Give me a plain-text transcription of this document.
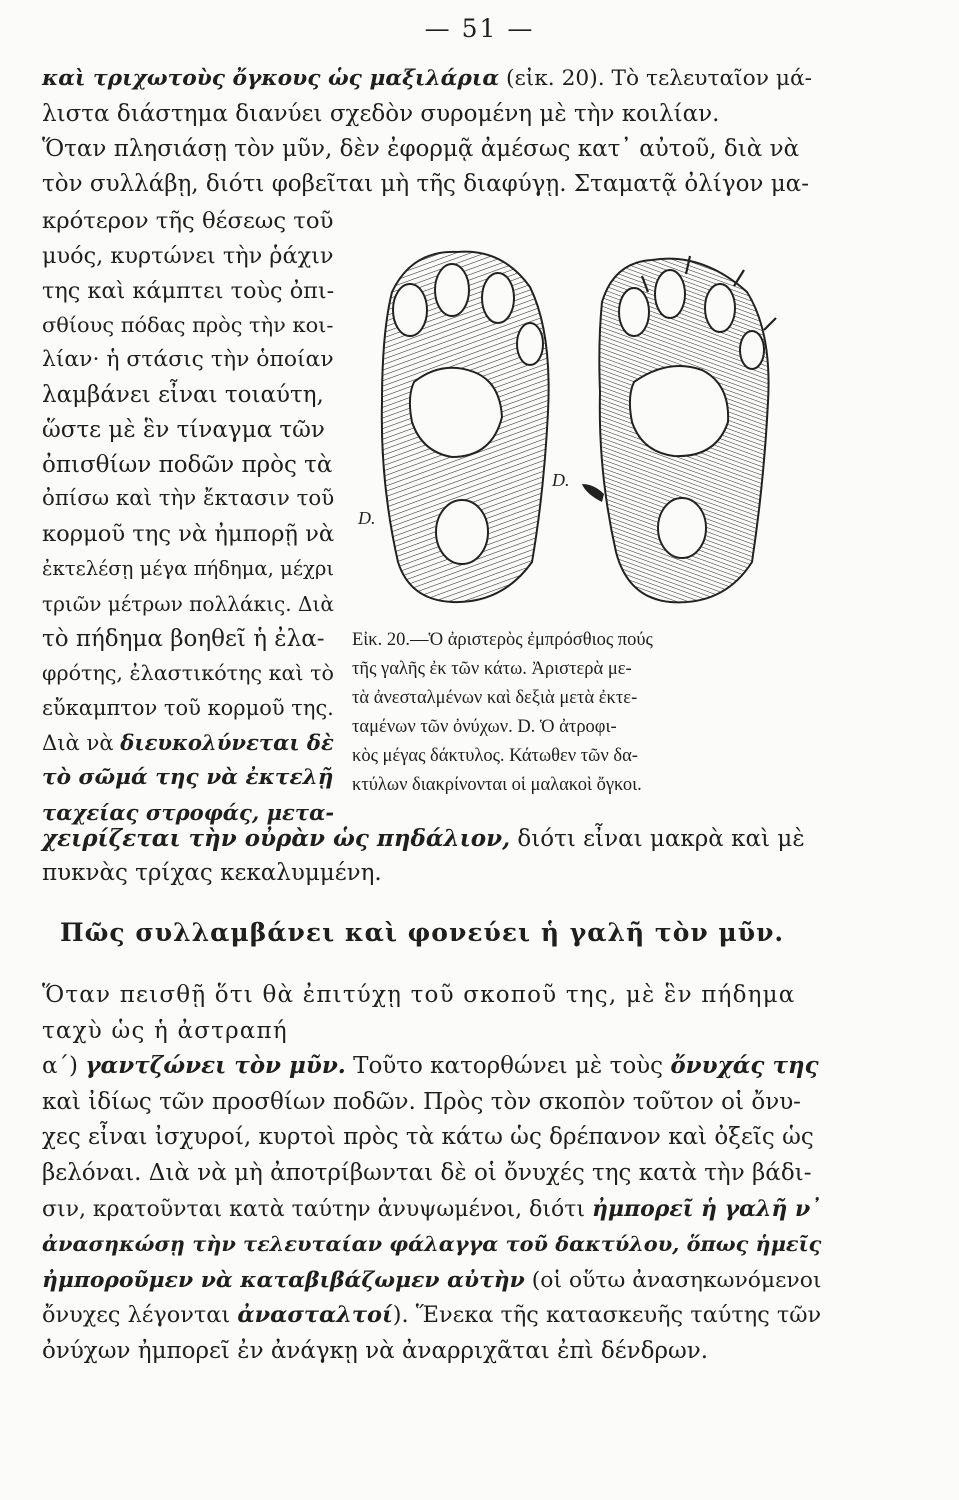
— 51 —
καὶ τριχωτοὺς ὄγκους ὡς μαξιλάρια (εἰκ. 20). Τὸ τελευταῖον μά-
λιστα διάστημα διανύει σχεδὸν συρομένη μὲ τὴν κοιλίαν.
Ὅταν πλησιάσῃ τὸν μῦν, δὲν ἐφορμᾷ ἀμέσως κατ᾿ αὐτοῦ, διὰ νὰ
τὸν συλλάβῃ, διότι φοβεῖται μὴ τῆς διαφύγῃ. Σταματᾷ ὀλίγον μα-
κρότερον τῆς θέσεως τοῦ
μυός, κυρτώνει τὴν ῥάχιν
της καὶ κάμπτει τοὺς ὀπι-
σθίους πόδας πρὸς τὴν κοι-
λίαν· ἡ στάσις τὴν ὁποίαν
λαμβάνει εἶναι τοιαύτη,
ὥστε μὲ ἓν τίναγμα τῶν
ὀπισθίων ποδῶν πρὸς τὰ
ὀπίσω καὶ τὴν ἔκτασιν τοῦ
κορμοῦ της νὰ ἠμπορῇ νὰ
ἐκτελέσῃ μέγα πήδημα, μέχρι
τριῶν μέτρων πολλάκις. Διὰ
τὸ πήδημα βοηθεῖ ἡ ἐλα-
φρότης, ἐλαστικότης καὶ τὸ
εὔκαμπτον τοῦ κορμοῦ της.
Διὰ νὰ διευκολύνεται δὲ
τὸ σῶμά της νὰ ἐκτελῇ
ταχείας στροφάς, μετα-
χειρίζεται τὴν οὐρὰν ὡς πηδάλιον, διότι εἶναι μακρὰ καὶ μὲ
πυκνὰς τρίχας κεκαλυμμένη.
D.
D.
Εἰκ. 20.—Ὁ ἀριστερὸς ἐμπρόσθιος πούς
τῆς γαλῆς ἐκ τῶν κάτω. Ἀριστερὰ με-
τὰ ἀνεσταλμένων καὶ δεξιὰ μετὰ ἐκτε-
ταμένων τῶν ὀνύχων. D. Ὁ ἀτροφι-
κὸς μέγας δάκτυλος. Κάτωθεν τῶν δα-
κτύλων διακρίνονται οἱ μαλακοὶ ὄγκοι.
Πῶς συλλαμβάνει καὶ φονεύει ἡ γαλῆ τὸν μῦν.
Ὅταν πεισθῇ ὅτι θὰ ἐπιτύχῃ τοῦ σκοποῦ της, μὲ ἓν πήδημα
ταχὺ ὡς ἡ ἀστραπή
α´) γαντζώνει τὸν μῦν. Τοῦτο κατορθώνει μὲ τοὺς ὄνυχάς της
καὶ ἰδίως τῶν προσθίων ποδῶν. Πρὸς τὸν σκοπὸν τοῦτον οἱ ὄνυ-
χες εἶναι ἰσχυροί, κυρτοὶ πρὸς τὰ κάτω ὡς δρέπανον καὶ ὀξεῖς ὡς
βελόναι. Διὰ νὰ μὴ ἀποτρίβωνται δὲ οἱ ὄνυχές της κατὰ τὴν βάδι-
σιν, κρατοῦνται κατὰ ταύτην ἀνυψωμένοι, διότι ἠμπορεῖ ἡ γαλῆ ν᾿
ἀνασηκώσῃ τὴν τελευταίαν φάλαγγα τοῦ δακτύλου, ὅπως ἡμεῖς
ἠμποροῦμεν νὰ καταβιβάζωμεν αὐτὴν (οἱ οὕτω ἀνασηκωνόμενοι
ὄνυχες λέγονται ἀνασταλτοί). Ἕνεκα τῆς κατασκευῆς ταύτης τῶν
ὀνύχων ἠμπορεῖ ἐν ἀνάγκῃ νὰ ἀναρριχᾶται ἐπὶ δένδρων.
